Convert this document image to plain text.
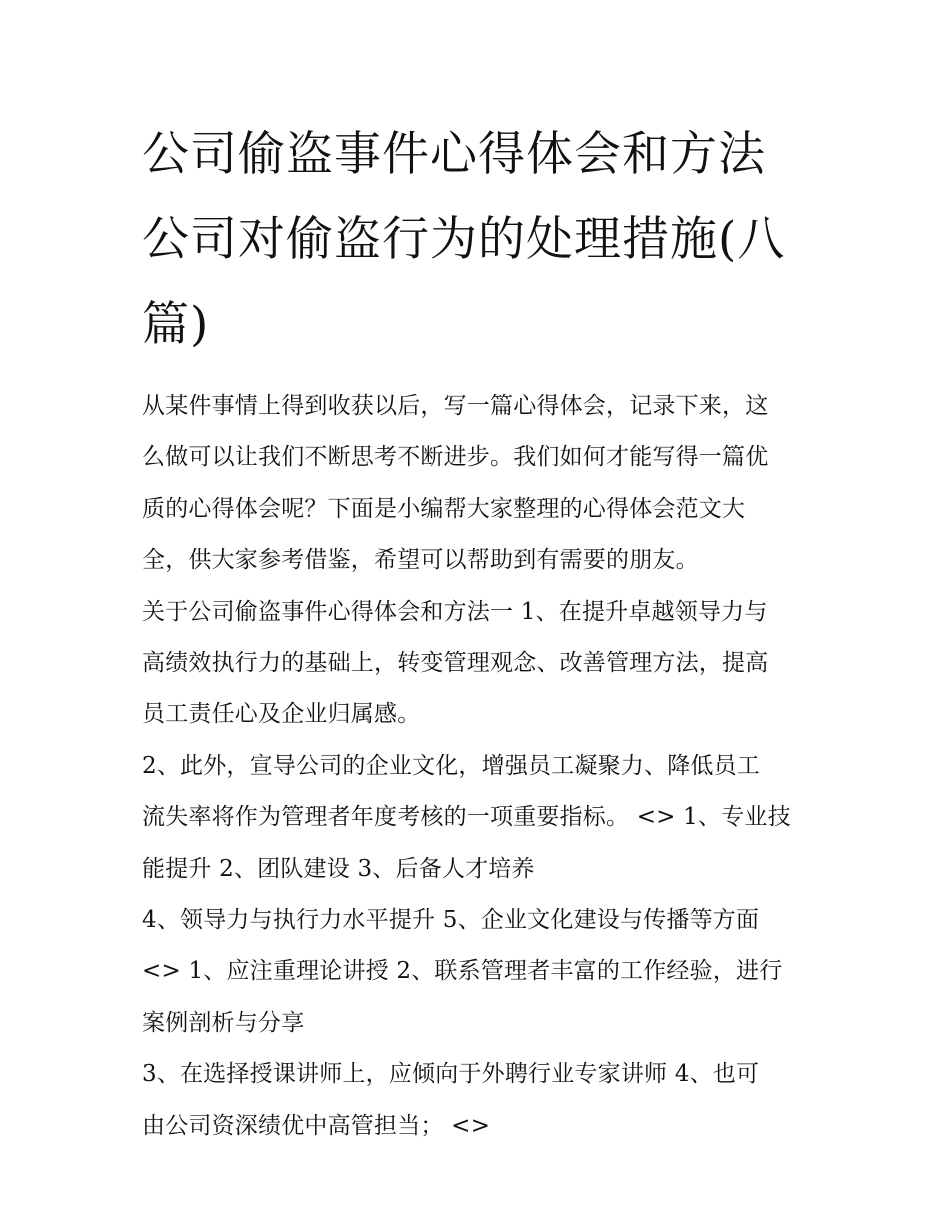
公司偷盗事件心得体会和方法
公司对偷盗行为的处理措施(八
篇)
从某件事情上得到收获以后，写一篇心得体会，记录下来，这
么做可以让我们不断思考不断进步。我们如何才能写得一篇优
质的心得体会呢？下面是小编帮大家整理的心得体会范文大
全，供大家参考借鉴，希望可以帮助到有需要的朋友。
关于公司偷盗事件心得体会和方法一 1、在提升卓越领导力与
高绩效执行力的基础上，转变管理观念、改善管理方法，提高
员工责任心及企业归属感。
2、此外，宣导公司的企业文化，增强员工凝聚力、降低员工
流失率将作为管理者年度考核的一项重要指标。 <> 1、专业技
能提升 2、团队建设 3、后备人才培养
4、领导力与执行力水平提升 5、企业文化建设与传播等方面
<> 1、应注重理论讲授 2、联系管理者丰富的工作经验，进行
案例剖析与分享
3、在选择授课讲师上，应倾向于外聘行业专家讲师 4、也可
由公司资深绩优中高管担当； <>
